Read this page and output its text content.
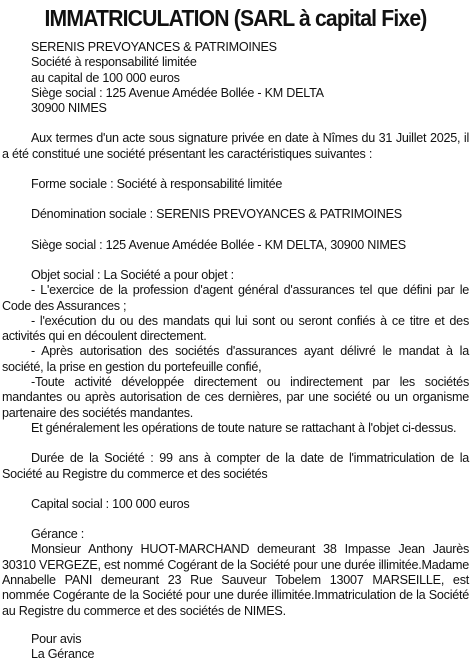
IMMATRICULATION (SARL à capital Fixe)

SERENIS PREVOYANCES & PATRIMOINES

Société à responsabilité limitée

au capital de 100 000 euros

Siège social : 125 Avenue Amédée Bollée - KM DELTA

30900 NIMES

Aux termes d'un acte sous signature privée en date à Nîmes du 31 Juillet 2025, il a été constitué une société présentant les caractéristiques suivantes :

Forme sociale : Société à responsabilité limitée

Dénomination sociale : SERENIS PREVOYANCES & PATRIMOINES

Siège social : 125 Avenue Amédée Bollée - KM DELTA, 30900 NIMES

Objet social : La Société a pour objet :

- L'exercice de la profession d'agent général d'assurances tel que défini par le Code des Assurances ;

- l'exécution du ou des mandats qui lui sont ou seront confiés à ce titre et des activités qui en découlent directement.

- Après autorisation des sociétés d'assurances ayant délivré le mandat à la société, la prise en gestion du portefeuille confié,

-Toute activité développée directement ou indirectement par les sociétés mandantes ou après autorisation de ces dernières, par une société ou un organisme partenaire des sociétés mandantes.

Et généralement les opérations de toute nature se rattachant à l'objet ci-dessus.

Durée de la Société : 99 ans à compter de la date de l'immatriculation de la Société au Registre du commerce et des sociétés

Capital social : 100 000 euros

Gérance :

Monsieur Anthony HUOT-MARCHAND demeurant 38 Impasse Jean Jaurès 30310 VERGEZE, est nommé Cogérant de la Société pour une durée illimitée.Madame Annabelle PANI demeurant 23 Rue Sauveur Tobelem 13007 MARSEILLE, est nommée Cogérante de la Société pour une durée illimitée.Immatriculation de la Société au Registre du commerce et des sociétés de NIMES.

Pour avis

La Gérance
